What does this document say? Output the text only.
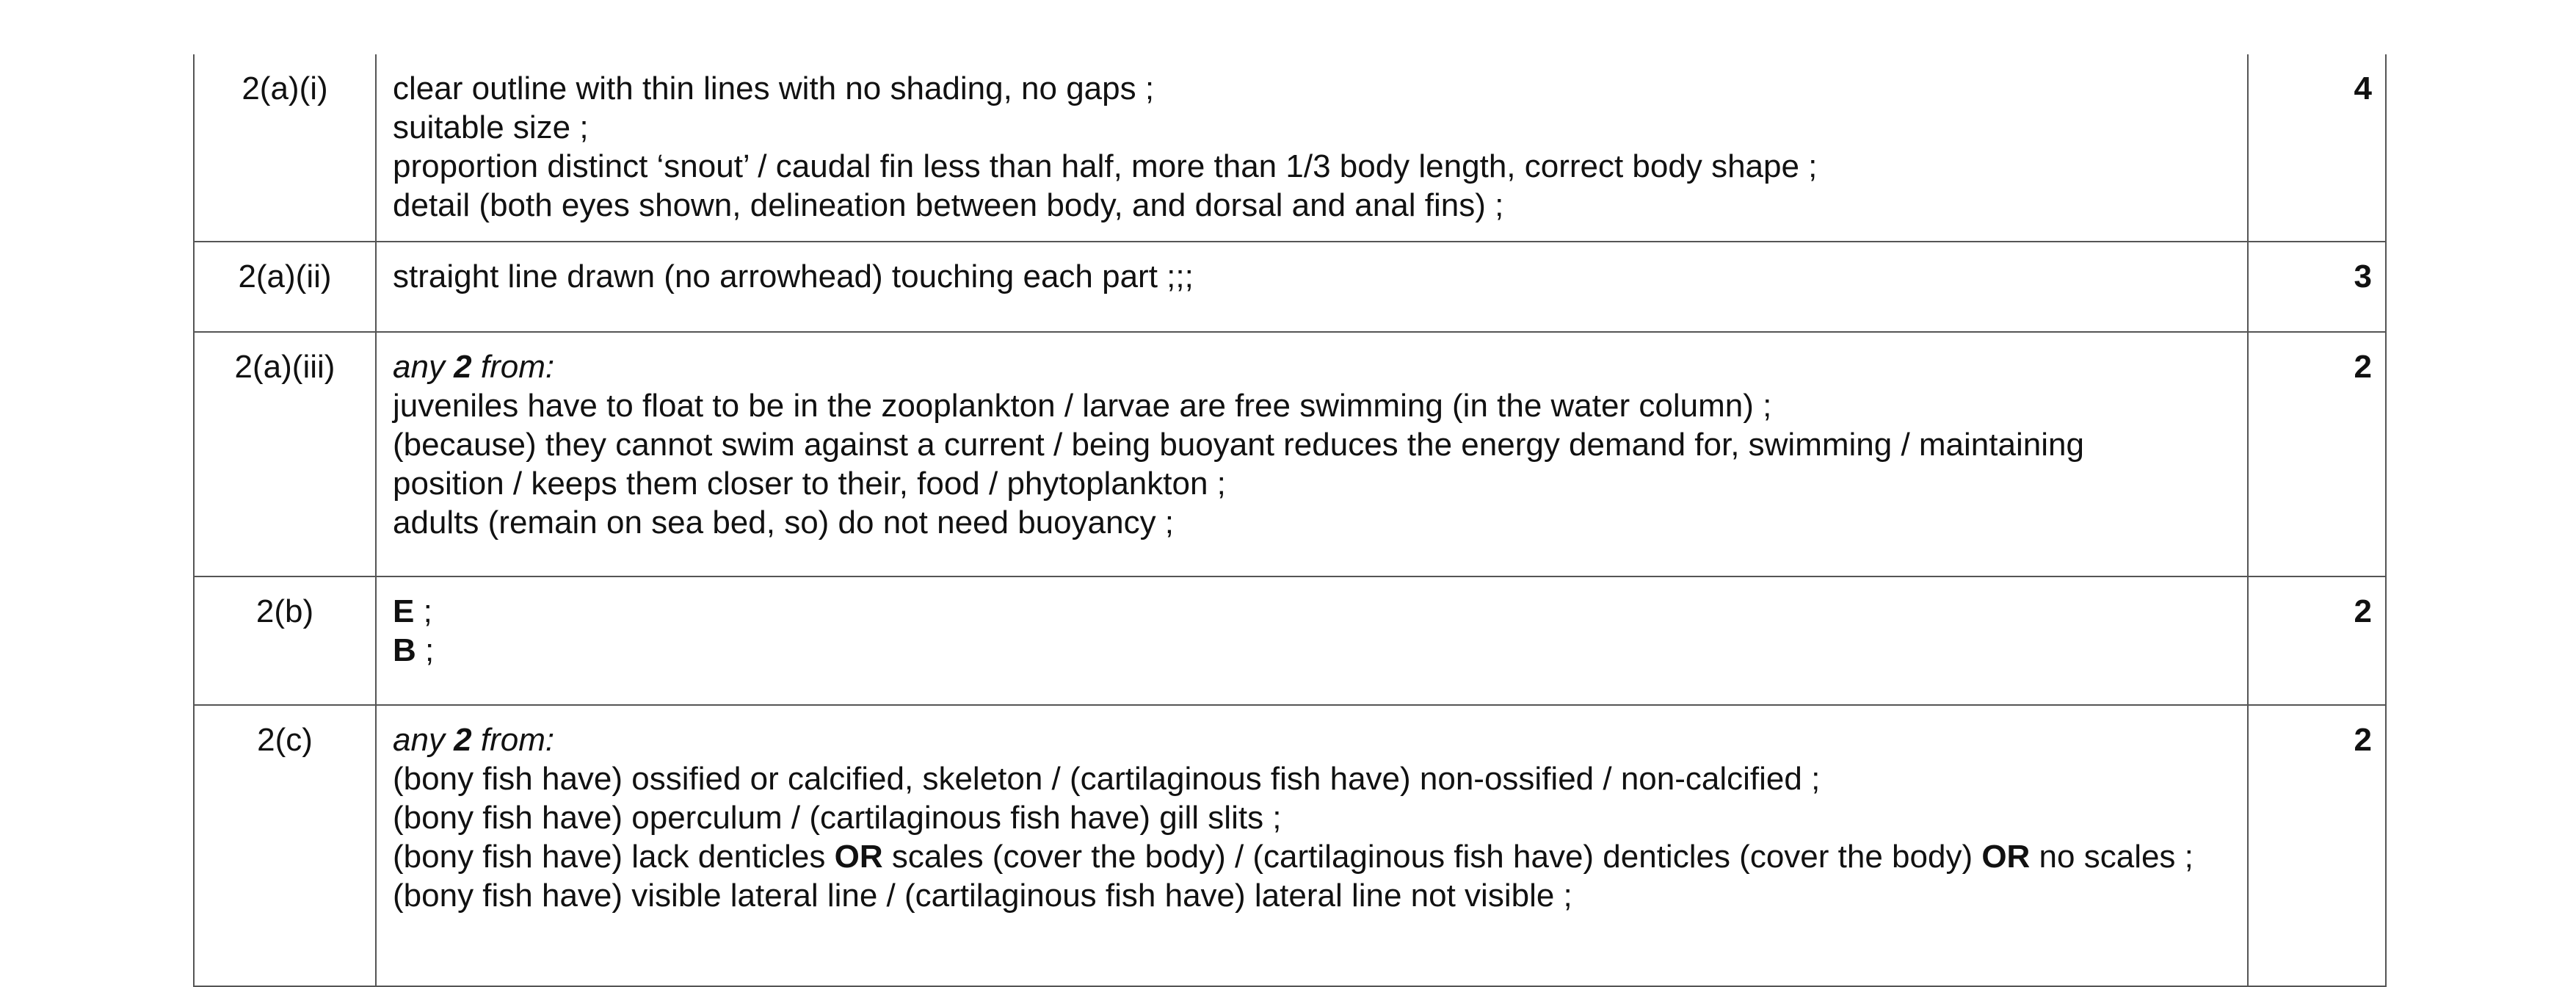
2(a)(i)	clear outline with thin lines with no shading, no gaps ;
suitable size ;
proportion distinct ‘snout’ / caudal fin less than half, more than 1/3 body length, correct body shape ;
detail (both eyes shown, delineation between body, and dorsal and anal fins) ;	4
2(a)(ii)	straight line drawn (no arrowhead) touching each part ;;;	3
2(a)(iii)	any 2 from:
juveniles have to float to be in the zooplankton / larvae are free swimming (in the water column) ;
(because) they cannot swim against a current / being buoyant reduces the energy demand for, swimming / maintaining position / keeps them closer to their, food / phytoplankton ;
adults (remain on sea bed, so) do not need buoyancy ;	2
2(b)	E ;
B ;	2
2(c)	any 2 from:
(bony fish have) ossified or calcified, skeleton / (cartilaginous fish have) non-ossified / non-calcified ;
(bony fish have) operculum / (cartilaginous fish have) gill slits ;
(bony fish have) lack denticles OR scales (cover the body) / (cartilaginous fish have) denticles (cover the body) OR no scales ;
(bony fish have) visible lateral line / (cartilaginous fish have) lateral line not visible ;	2
